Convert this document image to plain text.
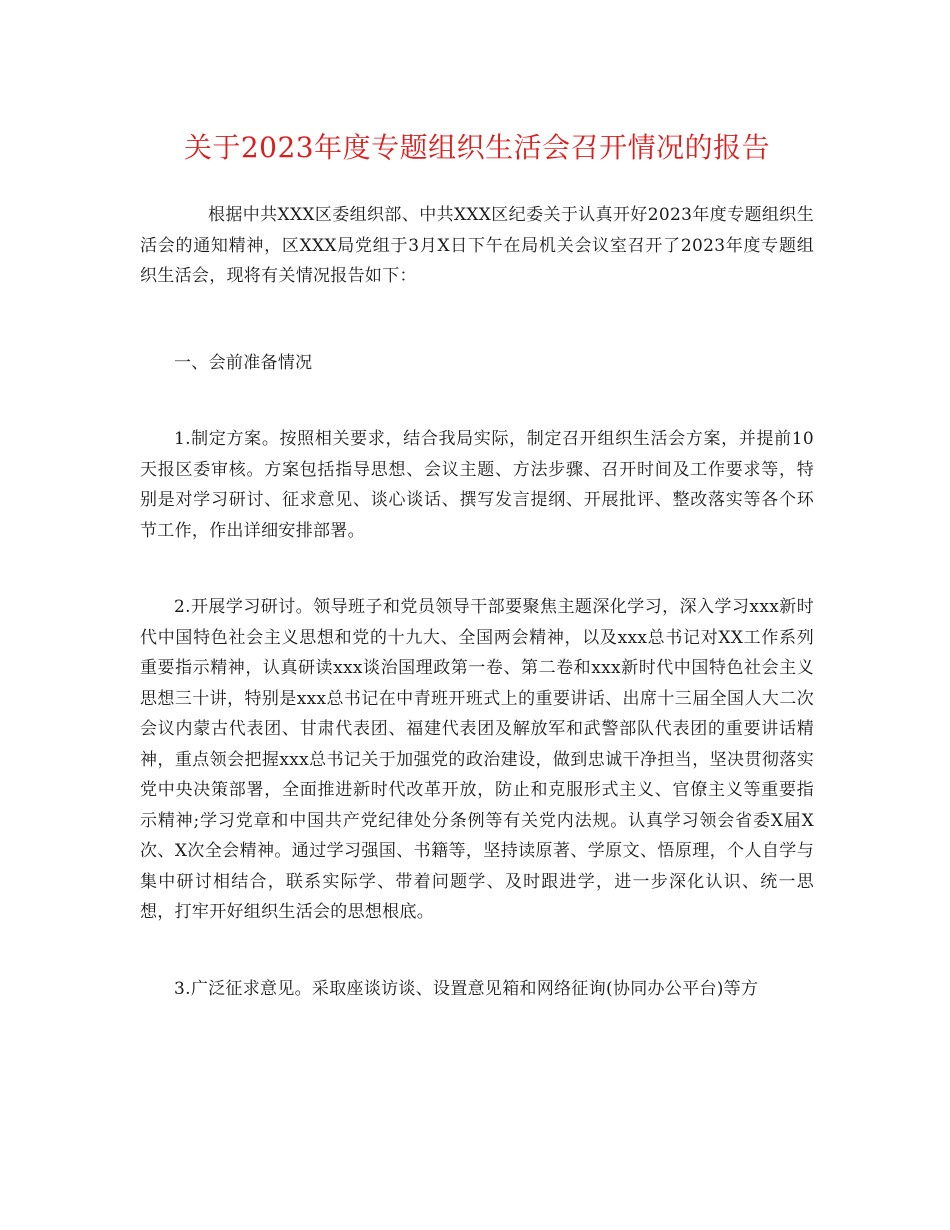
关于2023年度专题组织生活会召开情况的报告

根据中共XXX区委组织部、中共XXX区纪委关于认真开好2023年度专题组织生活会的通知精神，区XXX局党组于3月X日下午在局机关会议室召开了2023年度专题组织生活会，现将有关情况报告如下：

一、会前准备情况

1.制定方案。按照相关要求，结合我局实际，制定召开组织生活会方案，并提前10天报区委审核。方案包括指导思想、会议主题、方法步骤、召开时间及工作要求等，特别是对学习研讨、征求意见、谈心谈话、撰写发言提纲、开展批评、整改落实等各个环节工作，作出详细安排部署。

2.开展学习研讨。领导班子和党员领导干部要聚焦主题深化学习，深入学习xxx新时代中国特色社会主义思想和党的十九大、全国两会精神，以及xxx总书记对XX工作系列重要指示精神，认真研读xxx谈治国理政第一卷、第二卷和xxx新时代中国特色社会主义思想三十讲，特别是xxx总书记在中青班开班式上的重要讲话、出席十三届全国人大二次会议内蒙古代表团、甘肃代表团、福建代表团及解放军和武警部队代表团的重要讲话精神，重点领会把握xxx总书记关于加强党的政治建设，做到忠诚干净担当，坚决贯彻落实党中央决策部署，全面推进新时代改革开放，防止和克服形式主义、官僚主义等重要指示精神;学习党章和中国共产党纪律处分条例等有关党内法规。认真学习领会省委X届X次、X次全会精神。通过学习强国、书籍等，坚持读原著、学原文、悟原理，个人自学与集中研讨相结合，联系实际学、带着问题学、及时跟进学，进一步深化认识、统一思想，打牢开好组织生活会的思想根底。

3.广泛征求意见。采取座谈访谈、设置意见箱和网络征询(协同办公平台)等方
